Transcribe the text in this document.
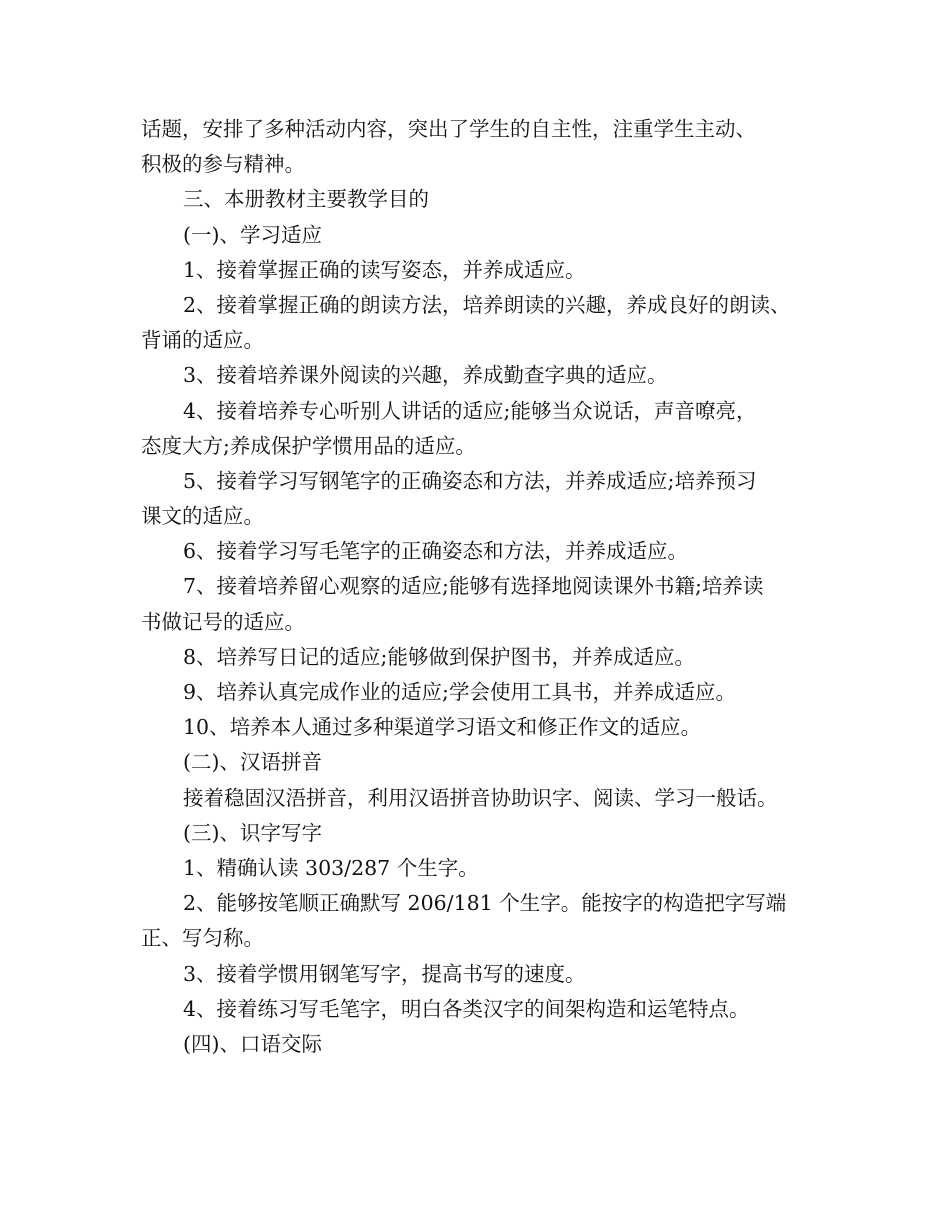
话题，安排了多种活动内容，突出了学生的自主性，注重学生主动、
积极的参与精神。
三、本册教材主要教学目的
(一)、学习适应
1、接着掌握正确的读写姿态，并养成适应。
2、接着掌握正确的朗读方法，培养朗读的兴趣，养成良好的朗读、
背诵的适应。
3、接着培养课外阅读的兴趣，养成勤查字典的适应。
4、接着培养专心听别人讲话的适应;能够当众说话，声音嘹亮，
态度大方;养成保护学惯用品的适应。
5、接着学习写钢笔字的正确姿态和方法，并养成适应;培养预习
课文的适应。
6、接着学习写毛笔字的正确姿态和方法，并养成适应。
7、接着培养留心观察的适应;能够有选择地阅读课外书籍;培养读
书做记号的适应。
8、培养写日记的适应;能够做到保护图书，并养成适应。
9、培养认真完成作业的适应;学会使用工具书，并养成适应。
10、培养本人通过多种渠道学习语文和修正作文的适应。
(二)、汉语拼音
接着稳固汉浯拼音，利用汉语拼音协助识字、阅读、学习一般话。
(三)、识字写字
1、精确认读 303/287 个生字。
2、能够按笔顺正确默写 206/181 个生字。能按字的构造把字写端
正、写匀称。
3、接着学惯用钢笔写字，提高书写的速度。
4、接着练习写毛笔字，明白各类汉字的间架构造和运笔特点。
(四)、口语交际
